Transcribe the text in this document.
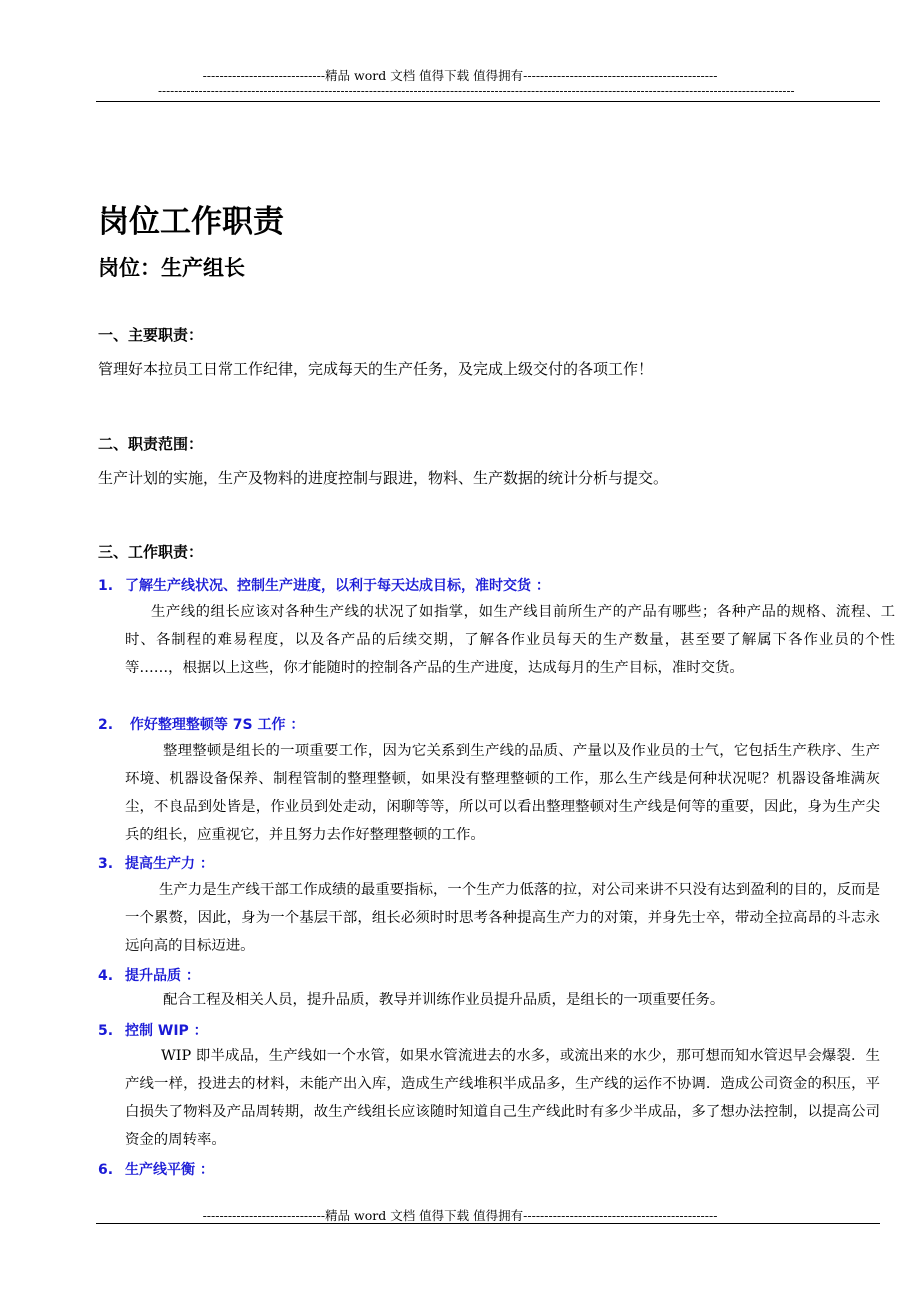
-----------------------------精品 word 文档 值得下载 值得拥有----------------------------------------------
-------------------------------------------------------------------------------------------------------------------------------------------------------------
岗位工作职责
岗位：生产组长
一、主要职责：
管理好本拉员工日常工作纪律，完成每天的生产任务，及完成上级交付的各项工作！
二、职责范围：
生产计划的实施，生产及物料的进度控制与跟进，物料、生产数据的统计分析与提交。
三、工作职责：
1. 了解生产线状况、控制生产进度，以利于每天达成目标，准时交货 ：

生产线的组长应该对各种生产线的状况了如指掌，如生产线目前所生产的产品有哪些；各种产品的规格、流程、工时、各制程的难易程度，以及各产品的后续交期，了解各作业员每天的生产数量，甚至要了解属下各作业员的个性等……，根据以上这些，你才能随时的控制各产品的生产进度，达成每月的生产目标，准时交货。

2. 作好整理整顿等 7S 工作 ：

整理整顿是组长的一项重要工作，因为它关系到生产线的品质、产量以及作业员的士气，它包括生产秩序、生产环境、机器设备保养、制程管制的整理整顿，如果没有整理整顿的工作，那么生产线是何种状况呢？机器设备堆满灰尘，不良品到处皆是，作业员到处走动，闲聊等等，所以可以看出整理整顿对生产线是何等的重要，因此，身为生产尖兵的组长，应重视它，并且努力去作好整理整顿的工作。

3. 提高生产力 ：

生产力是生产线干部工作成绩的最重要指标，一个生产力低落的拉，对公司来讲不只没有达到盈利的目的，反而是一个累赘，因此，身为一个基层干部，组长必须时时思考各种提高生产力的对策，并身先士卒，带动全拉高昂的斗志永远向高的目标迈进。

4. 提升品质 ：

配合工程及相关人员，提升品质，教导并训练作业员提升品质，是组长的一项重要任务。

5. 控制 WIP ：

WIP 即半成品，生产线如一个水管，如果水管流进去的水多，或流出来的水少，那可想而知水管迟早会爆裂．生产线一样，投进去的材料，未能产出入库，造成生产线堆积半成品多，生产线的运作不协调．造成公司资金的积压，平白损失了物料及产品周转期，故生产线组长应该随时知道自己生产线此时有多少半成品，多了想办法控制，以提高公司资金的周转率。

6. 生产线平衡 ：
-----------------------------精品 word 文档 值得下载 值得拥有----------------------------------------------
